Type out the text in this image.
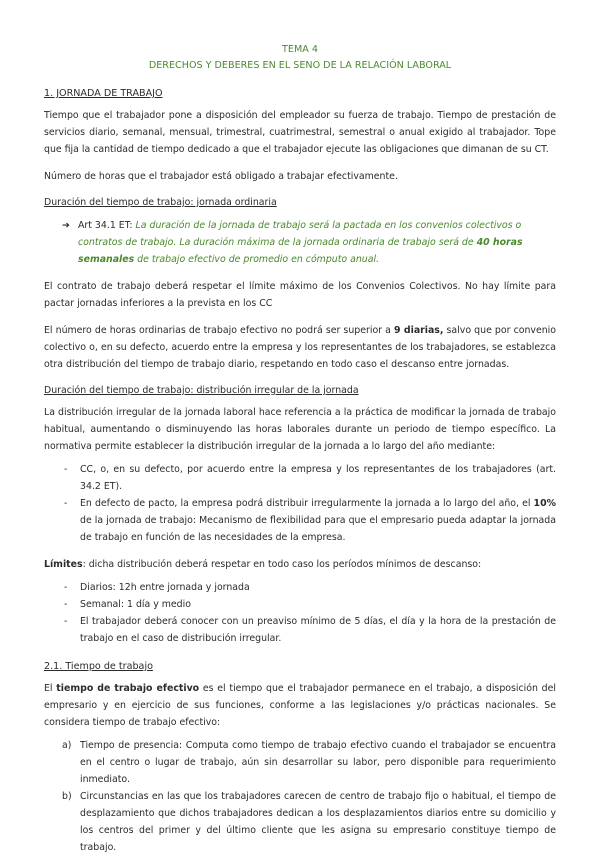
TEMA 4
DERECHOS Y DEBERES EN EL SENO DE LA RELACIÓN LABORAL
1. JORNADA DE TRABAJO

Tiempo que el trabajador pone a disposición del empleador su fuerza de trabajo. Tiempo de prestación de servicios diario, semanal, mensual, trimestral, cuatrimestral, semestral o anual exigido al trabajador. Tope que fija la cantidad de tiempo dedicado a que el trabajador ejecute las obligaciones que dimanan de su CT.

Número de horas que el trabajador está obligado a trabajar efectivamente.

Duración del tiempo de trabajo: jornada ordinaria
➔ Art 34.1 ET: La duración de la jornada de trabajo será la pactada en los convenios colectivos o contratos de trabajo. La duración máxima de la jornada ordinaria de trabajo será de 40 horas semanales de trabajo efectivo de promedio en cómputo anual.

El contrato de trabajo deberá respetar el límite máximo de los Convenios Colectivos. No hay límite para pactar jornadas inferiores a la prevista en los CC

El número de horas ordinarias de trabajo efectivo no podrá ser superior a 9 diarias, salvo que por convenio colectivo o, en su defecto, acuerdo entre la empresa y los representantes de los trabajadores, se establezca otra distribución del tiempo de trabajo diario, respetando en todo caso el descanso entre jornadas.

Duración del tiempo de trabajo: distribución irregular de la jornada

La distribución irregular de la jornada laboral hace referencia a la práctica de modificar la jornada de trabajo habitual, aumentando o disminuyendo las horas laborales durante un periodo de tiempo específico. La normativa permite establecer la distribución irregular de la jornada a lo largo del año mediante:

-	CC, o, en su defecto, por acuerdo entre la empresa y los representantes de los trabajadores (art. 34.2 ET).
-	En defecto de pacto, la empresa podrá distribuir irregularmente la jornada a lo largo del año, el 10% de la jornada de trabajo: Mecanismo de flexibilidad para que el empresario pueda adaptar la jornada de trabajo en función de las necesidades de la empresa.

Límites: dicha distribución deberá respetar en todo caso los períodos mínimos de descanso:

-	Diarios: 12h entre jornada y jornada
-	Semanal: 1 día y medio
-	El trabajador deberá conocer con un preaviso mínimo de 5 días, el día y la hora de la prestación de trabajo en el caso de distribución irregular.
2.1. Tiempo de trabajo

El tiempo de trabajo efectivo es el tiempo que el trabajador permanece en el trabajo, a disposición del empresario y en ejercicio de sus funciones, conforme a las legislaciones y/o prácticas nacionales. Se considera tiempo de trabajo efectivo:

a) Tiempo de presencia: Computa como tiempo de trabajo efectivo cuando el trabajador se encuentra en el centro o lugar de trabajo, aún sin desarrollar su labor, pero disponible para requerimiento inmediato.
b) Circunstancias en las que los trabajadores carecen de centro de trabajo fijo o habitual, el tiempo de desplazamiento que dichos trabajadores dedican a los desplazamientos diarios entre su domicilio y los centros del primer y del último cliente que les asigna su empresario constituye tiempo de trabajo.
